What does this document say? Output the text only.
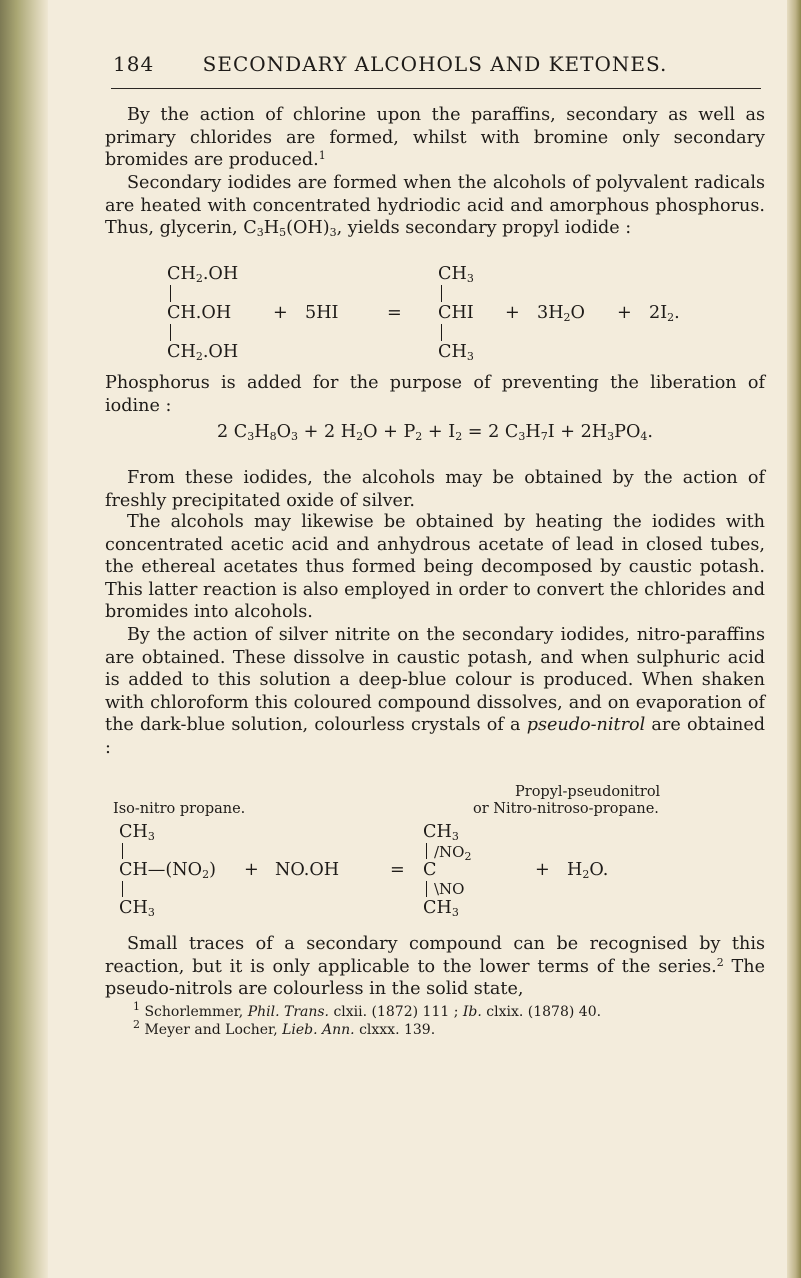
SECONDARY ALCOHOLS AND KETONES.
184
By the action of chlorine upon the paraffins, secondary as well as primary chlorides are formed, whilst with bromine only secondary bromides are produced.$^1$
Secondary iodides are formed when the alcohols of polyvalent radicals are heated with concentrated hydriodic acid and amorphous phosphorus. Thus, glycerin, $C_3H_5(OH)_3$, yields secondary propyl iodide :
$CH_2.OH$
CH.OH
$CH_2.OH$
+ 5HI	=
$CH_3$
CHI
$CH_3$
+ $3H_2O + 2I_2$.
Phosphorus is added for the purpose of preventing the liberation of iodine :
2 $C_3H_8O_3 + 2$ $H_2O + P_2 + I_2 = 2$ $C_3H_7I + 2H_3PO_4$.
From these iodides, the alcohols may be obtained by the action of freshly precipitated oxide of silver.
The alcohols may likewise be obtained by heating the iodides with concentrated acetic acid and anhydrous acetate of lead in closed tubes, the ethereal acetates thus formed being decomposed by caustic potash. This latter reaction is also employed in order to convert the chlorides and bromides into alcohols.
By the action of silver nitrite on the secondary iodides, nitro-paraffins are obtained. These dissolve in caustic potash, and when sulphuric acid is added to this solution a deep-blue colour is produced. When shaken with chloroform this coloured compound dissolves, and on evaporation of the dark-blue solution, colourless crystals of a pseudo-nitrol are obtained :
Propyl-pseudonitrol
Iso-nitro propane.	or Nitro-nitroso-propane.
$CH_3$
$CH—(NO_2)$
$CH_3$
+ NO.OH	=
$CH_3$
$/NO_2$
C
\NO
$CH_3$
+ $H_2O$.
Small traces of a secondary compound can be recognised by this reaction, but it is only applicable to the lower terms of the series.$^2$ The pseudo-nitrols are colourless in the solid state,
$^1$ Schorlemmer, Phil. Trans. clxii. (1872) 111 ; Ib. clxix. (1878) 40.
$^2$ Meyer and Locher, Lieb. Ann. clxxx. 139.
